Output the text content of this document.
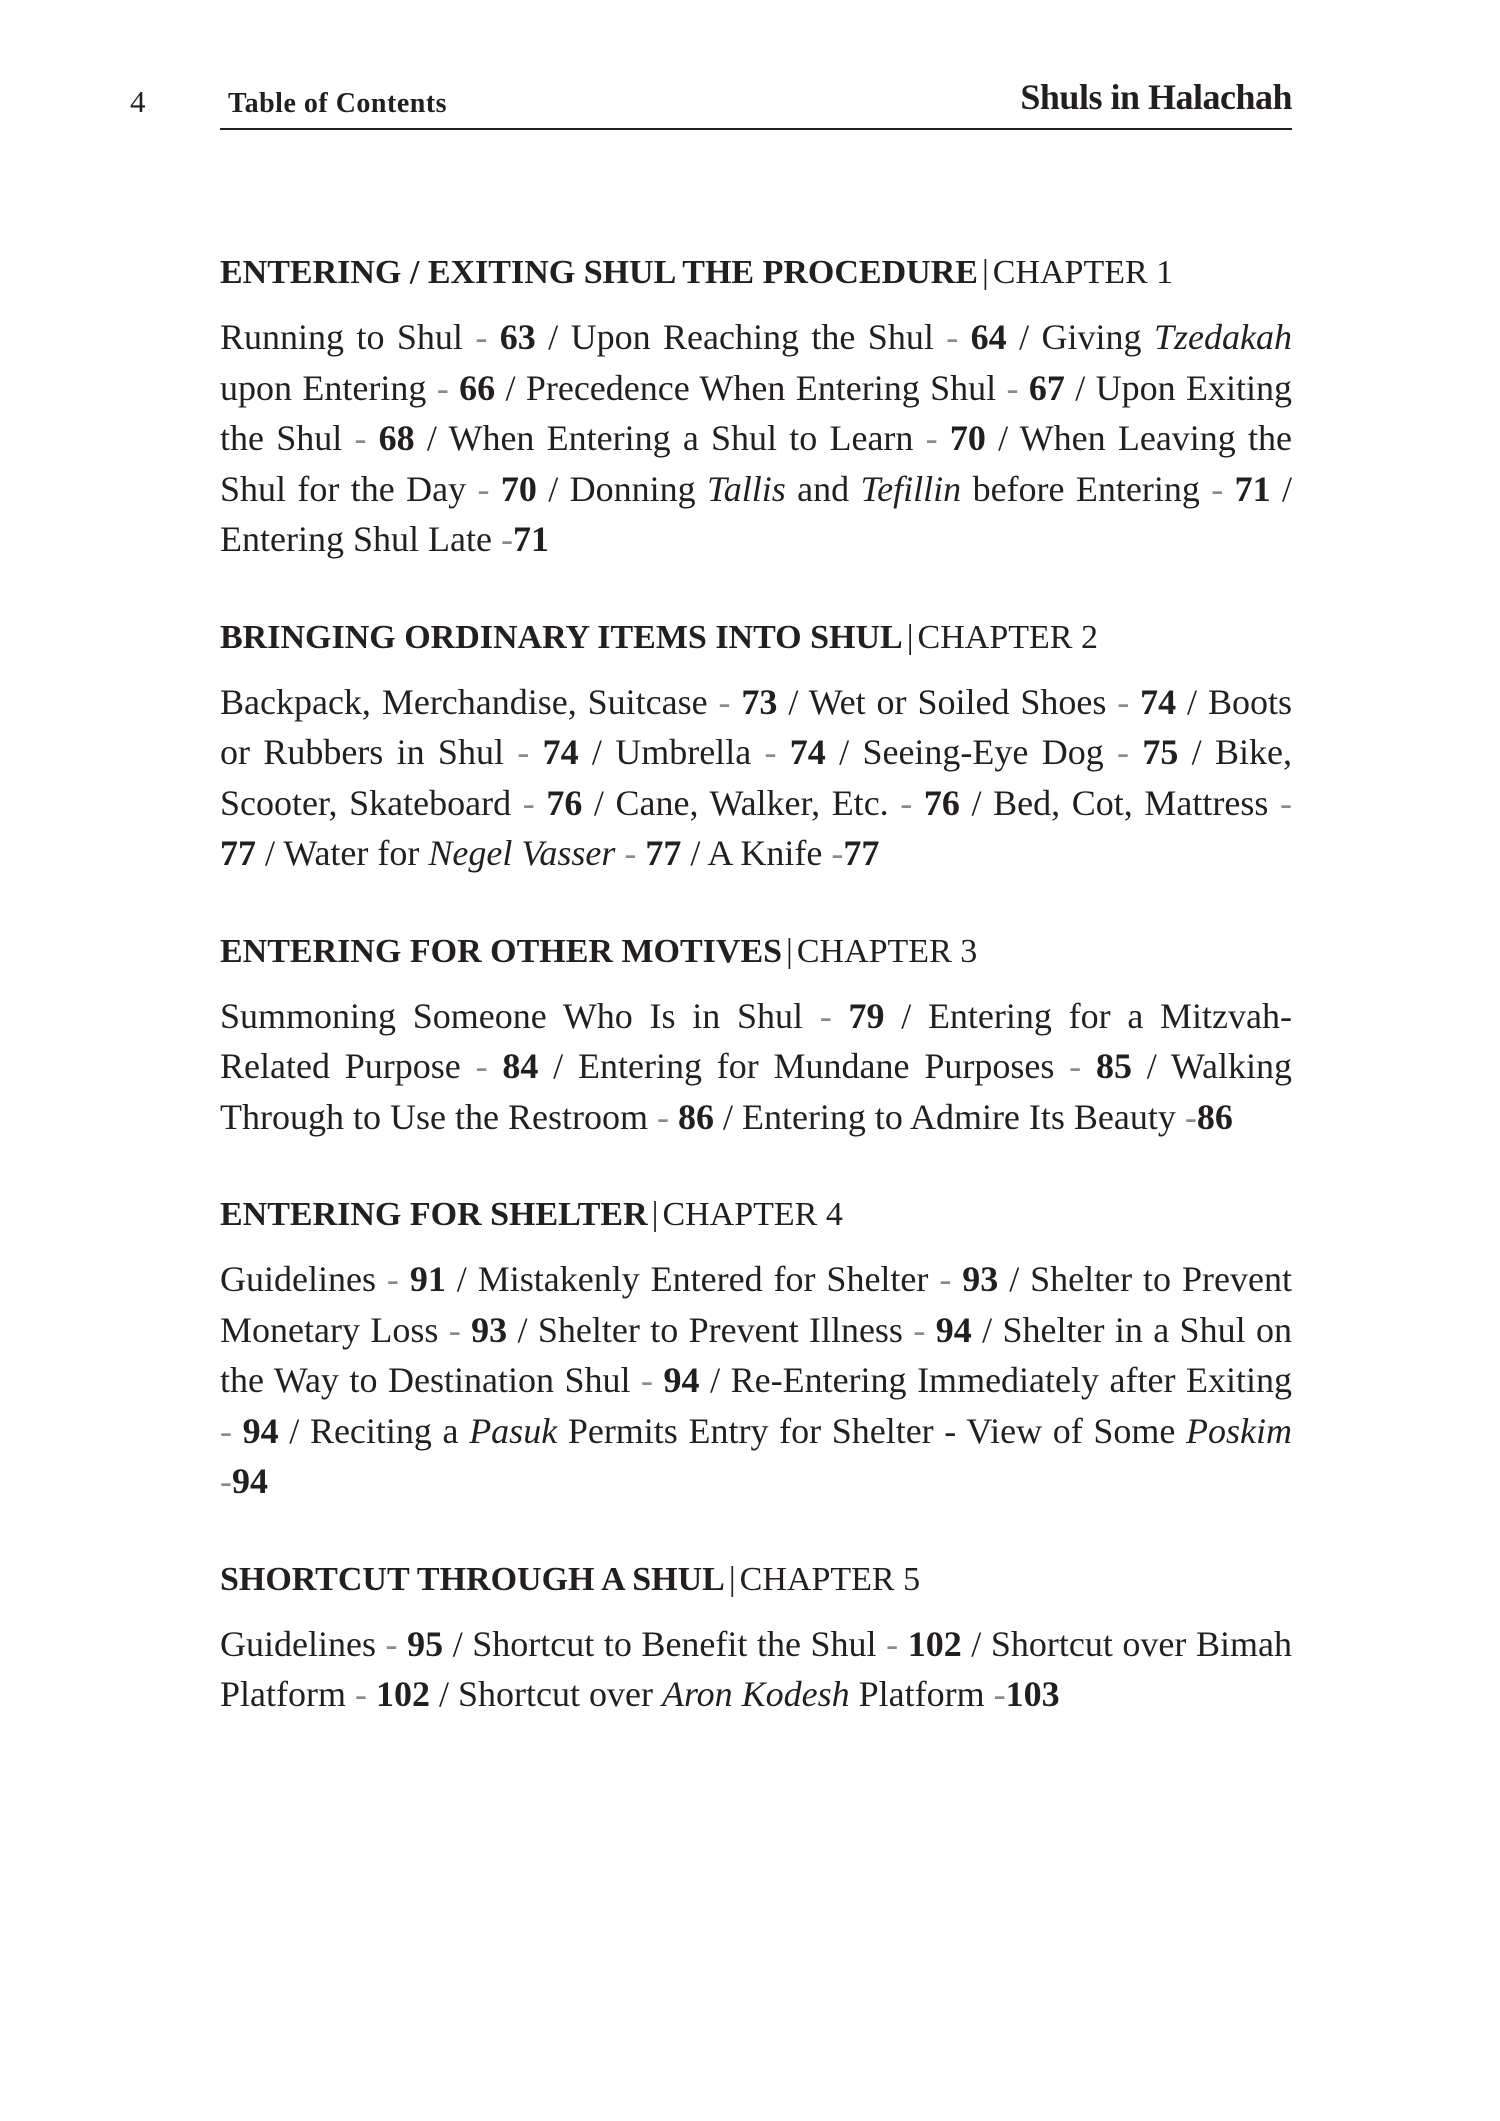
4	Table of Contents	Shuls in Halachah
ENTERING / EXITING SHUL THE PROCEDURE | CHAPTER 1
Running to Shul - 63 / Upon Reaching the Shul - 64 / Giving Tzedakah upon Entering - 66 / Precedence When Entering Shul - 67 / Upon Exiting the Shul - 68 / When Entering a Shul to Learn - 70 / When Leaving the Shul for the Day - 70 / Donning Tallis and Tefillin before Entering - 71 / Entering Shul Late -71
BRINGING ORDINARY ITEMS INTO SHUL | CHAPTER 2
Backpack, Merchandise, Suitcase - 73 / Wet or Soiled Shoes - 74 / Boots or Rubbers in Shul - 74 / Umbrella - 74 / Seeing-Eye Dog - 75 / Bike, Scooter, Skateboard - 76 / Cane, Walker, Etc. - 76 / Bed, Cot, Mattress - 77 / Water for Negel Vasser - 77 / A Knife -77
ENTERING FOR OTHER MOTIVES | CHAPTER 3
Summoning Someone Who Is in Shul - 79 / Entering for a Mitzvah-Related Purpose - 84 / Entering for Mundane Purposes - 85 / Walking Through to Use the Restroom - 86 / Entering to Admire Its Beauty -86
ENTERING FOR SHELTER | CHAPTER 4
Guidelines - 91 / Mistakenly Entered for Shelter - 93 / Shelter to Prevent Monetary Loss - 93 / Shelter to Prevent Illness - 94 / Shelter in a Shul on the Way to Destination Shul - 94 / Re-Entering Immediately after Exiting - 94 / Reciting a Pasuk Permits Entry for Shelter - View of Some Poskim -94
SHORTCUT THROUGH A SHUL | CHAPTER 5
Guidelines - 95 / Shortcut to Benefit the Shul - 102 / Shortcut over Bimah Platform - 102 / Shortcut over Aron Kodesh Platform -103
